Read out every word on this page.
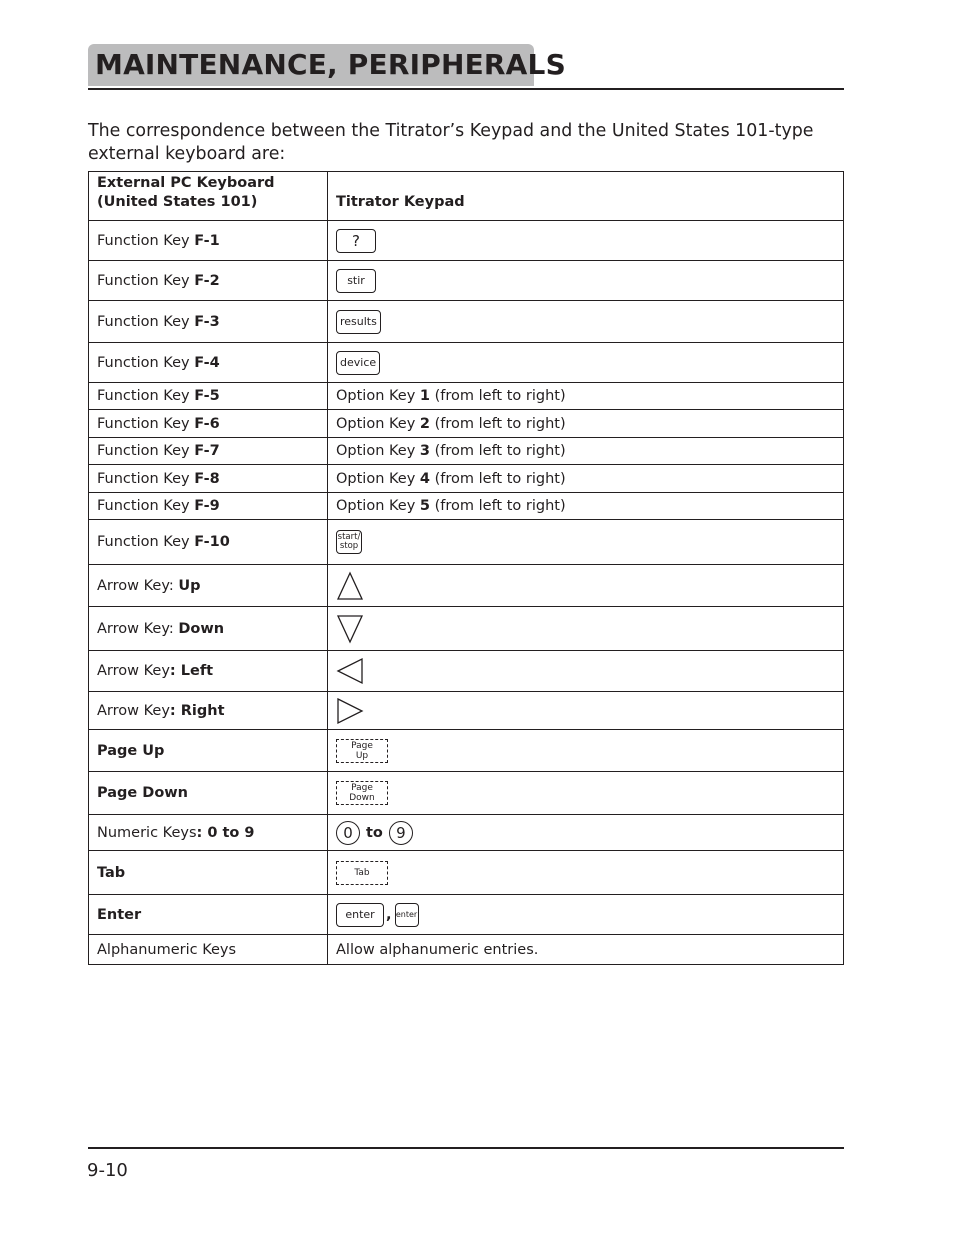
MAINTENANCE, PERIPHERALS
The correspondence between the Titrator’s Keypad and the United States 101-type external keyboard are:
External PC Keyboard
(United States 101)	Titrator Keypad
Function Key F-1	?
Function Key F-2	stir
Function Key F-3	results
Function Key F-4	device
Function Key F-5	Option Key 1 (from left to right)
Function Key F-6	Option Key 2 (from left to right)
Function Key F-7	Option Key 3 (from left to right)
Function Key F-8	Option Key 4 (from left to right)
Function Key F-9	Option Key 5 (from left to right)
Function Key F-10	start/
stop
Arrow Key: Up	

Arrow Key: Down	

Arrow Key: Left	

Arrow Key: Right	

Page Up	Page
Up
Page Down	Page
Down
Numeric Keys: 0 to 9	0 to 9
Tab	Tab
Enter	enter , enter
Alphanumeric Keys	Allow alphanumeric entries.
9-10
